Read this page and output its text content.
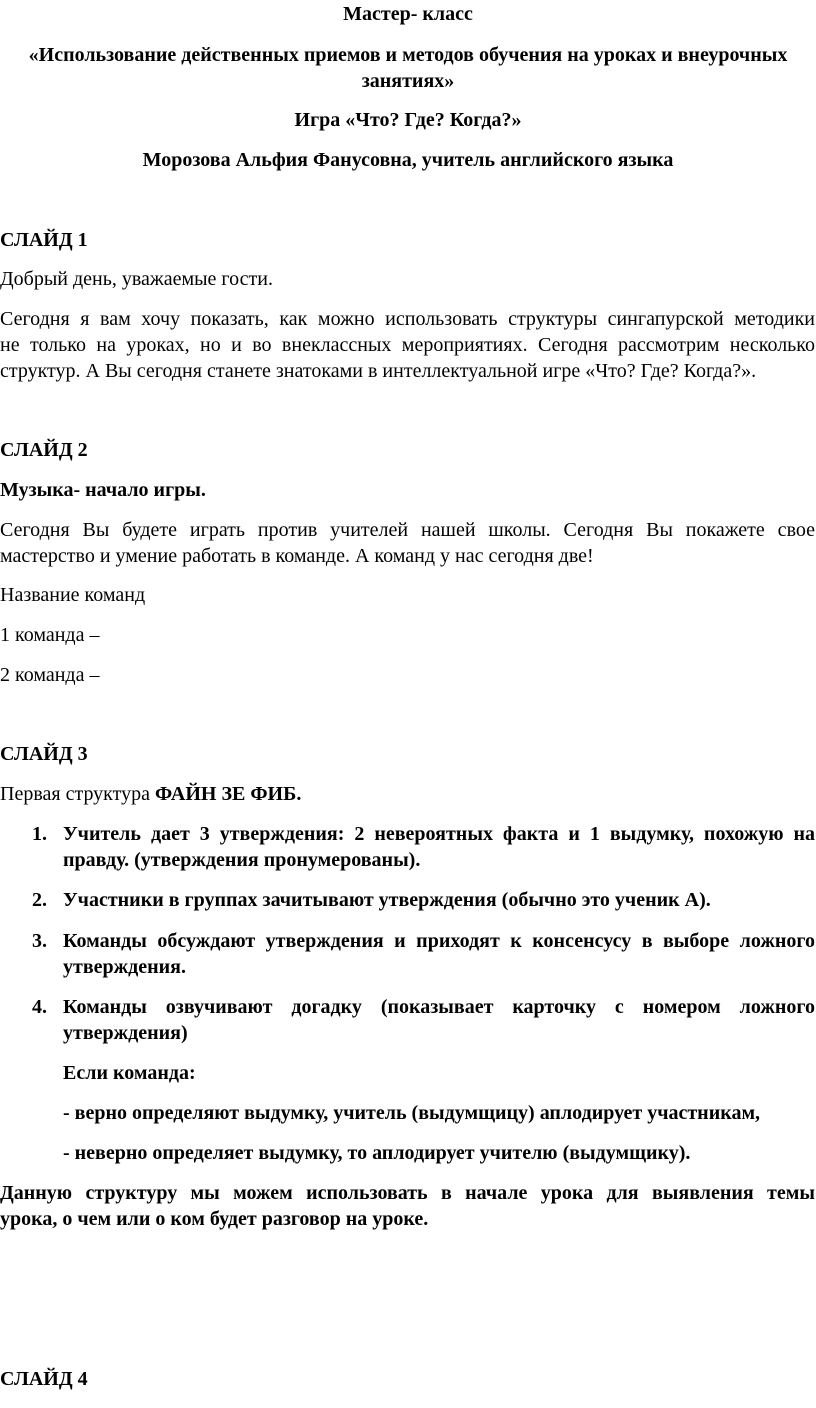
Мастер- класс

«Использование действенных приемов и методов обучения на уроках и внеурочных

занятиях»

Игра «Что? Где? Когда?»

Морозова Альфия Фанусовна, учитель английского языка

СЛАЙД 1

Добрый день, уважаемые гости.

Сегодня я вам хочу показать, как можно использовать структуры сингапурской методики

не только на уроках, но и во внеклассных мероприятиях. Сегодня рассмотрим несколько

структур. А Вы сегодня станете знатоками в интеллектуальной игре «Что? Где? Когда?».

СЛАЙД 2

Музыка- начало игры.

Сегодня Вы будете играть против учителей нашей школы. Сегодня Вы покажете свое

мастерство и умение работать в команде. А команд у нас сегодня две!

Название команд

1 команда –

2 команда –

СЛАЙД 3

Первая структура ФАЙН ЗЕ ФИБ.

1. Учитель дает 3 утверждения: 2 невероятных факта и 1 выдумку, похожую на

правду. (утверждения пронумерованы).

2. Участники в группах зачитывают утверждения (обычно это ученик А).

3. Команды обсуждают утверждения и приходят к консенсусу в выборе ложного

утверждения.

4. Команды озвучивают догадку (показывает карточку с номером ложного

утверждения)

Если команда:

- верно определяют выдумку, учитель (выдумщицу) аплодирует участникам,

- неверно определяет выдумку, то аплодирует учителю (выдумщику).

Данную структуру мы можем использовать в начале урока для выявления темы

урока, о чем или о ком будет разговор на уроке.

СЛАЙД 4
